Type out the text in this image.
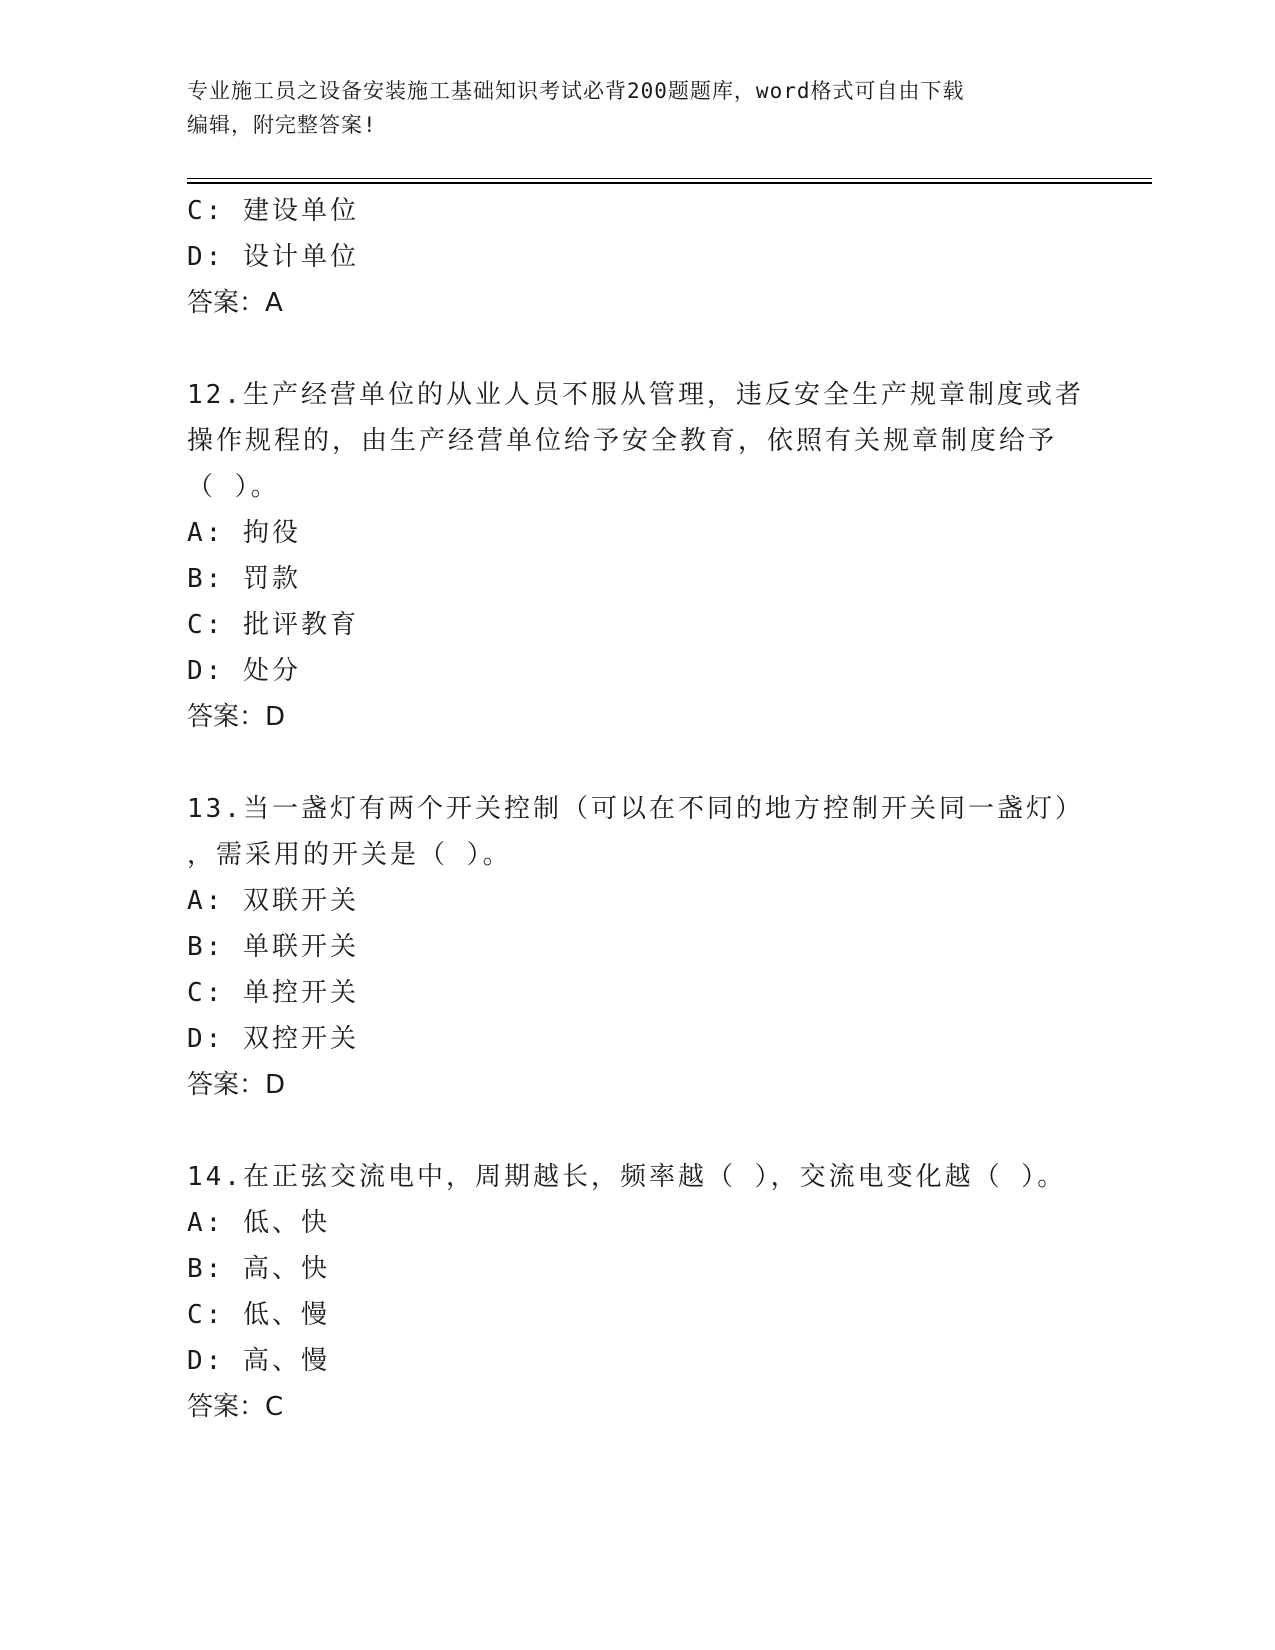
专业施工员之设备安装施工基础知识考试必背200题题库，word格式可自由下载
编辑，附完整答案!
C: 建设单位
D: 设计单位
答案：A
12.生产经营单位的从业人员不服从管理，违反安全生产规章制度或者
操作规程的，由生产经营单位给予安全教育，依照有关规章制度给予
（ ）。
A: 拘役
B: 罚款
C: 批评教育
D: 处分
答案：D
13.当一盏灯有两个开关控制（可以在不同的地方控制开关同一盏灯）
，需采用的开关是（ ）。
A: 双联开关
B: 单联开关
C: 单控开关
D: 双控开关
答案：D
14.在正弦交流电中，周期越长，频率越（ ），交流电变化越（ ）。
A: 低、快
B: 高、快
C: 低、慢
D: 高、慢
答案：C
